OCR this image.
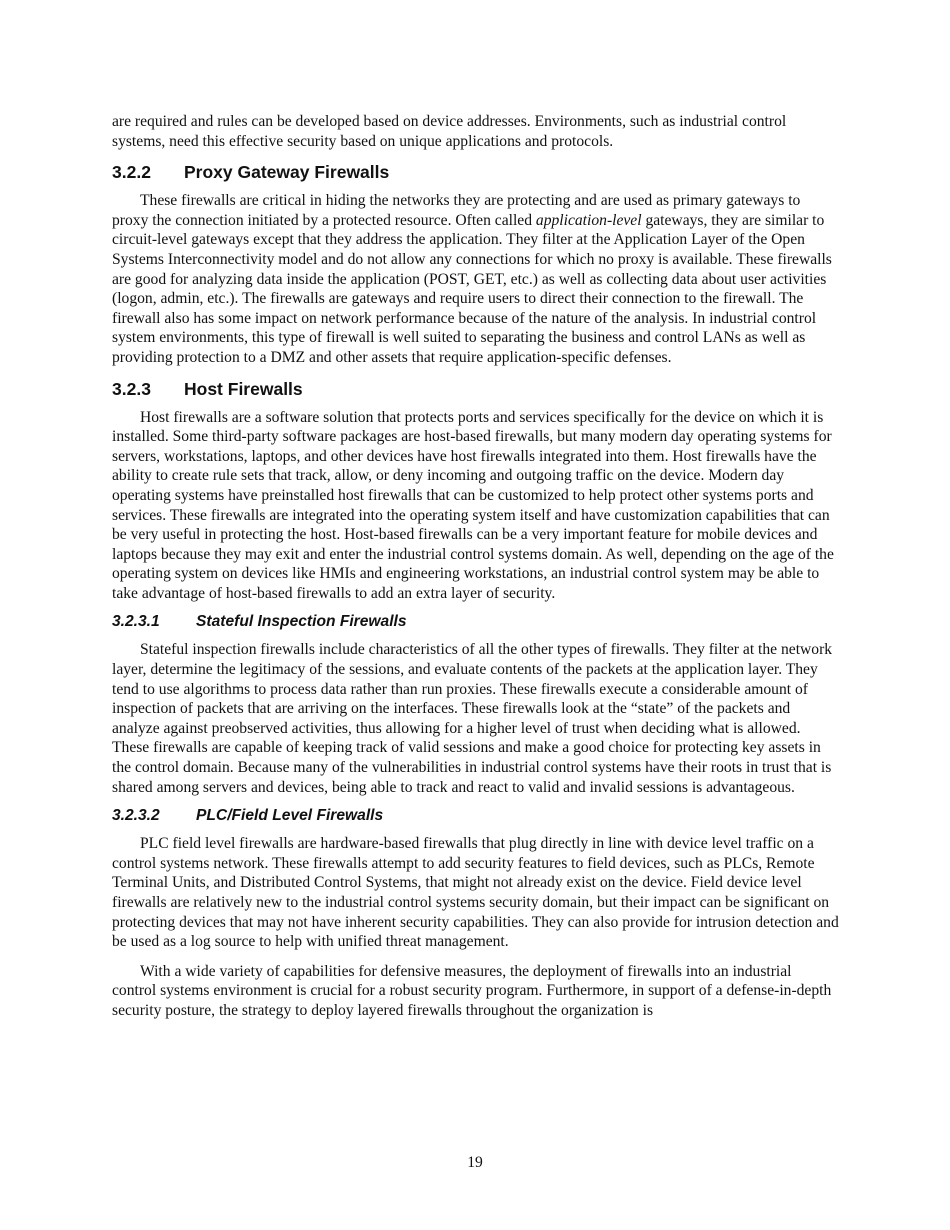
are required and rules can be developed based on device addresses. Environments, such as industrial control systems, need this effective security based on unique applications and protocols.

3.2.2 Proxy Gateway Firewalls

These firewalls are critical in hiding the networks they are protecting and are used as primary gateways to proxy the connection initiated by a protected resource. Often called application-level gateways, they are similar to circuit-level gateways except that they address the application. They filter at the Application Layer of the Open Systems Interconnectivity model and do not allow any connections for which no proxy is available. These firewalls are good for analyzing data inside the application (POST, GET, etc.) as well as collecting data about user activities (logon, admin, etc.). The firewalls are gateways and require users to direct their connection to the firewall. The firewall also has some impact on network performance because of the nature of the analysis. In industrial control system environments, this type of firewall is well suited to separating the business and control LANs as well as providing protection to a DMZ and other assets that require application-specific defenses.

3.2.3 Host Firewalls

Host firewalls are a software solution that protects ports and services specifically for the device on which it is installed. Some third-party software packages are host-based firewalls, but many modern day operating systems for servers, workstations, laptops, and other devices have host firewalls integrated into them. Host firewalls have the ability to create rule sets that track, allow, or deny incoming and outgoing traffic on the device. Modern day operating systems have preinstalled host firewalls that can be customized to help protect other systems ports and services. These firewalls are integrated into the operating system itself and have customization capabilities that can be very useful in protecting the host. Host-based firewalls can be a very important feature for mobile devices and laptops because they may exit and enter the industrial control systems domain. As well, depending on the age of the operating system on devices like HMIs and engineering workstations, an industrial control system may be able to take advantage of host-based firewalls to add an extra layer of security.

3.2.3.1 Stateful Inspection Firewalls

Stateful inspection firewalls include characteristics of all the other types of firewalls. They filter at the network layer, determine the legitimacy of the sessions, and evaluate contents of the packets at the application layer. They tend to use algorithms to process data rather than run proxies. These firewalls execute a considerable amount of inspection of packets that are arriving on the interfaces. These firewalls look at the “state” of the packets and analyze against preobserved activities, thus allowing for a higher level of trust when deciding what is allowed. These firewalls are capable of keeping track of valid sessions and make a good choice for protecting key assets in the control domain. Because many of the vulnerabilities in industrial control systems have their roots in trust that is shared among servers and devices, being able to track and react to valid and invalid sessions is advantageous.

3.2.3.2 PLC/Field Level Firewalls

PLC field level firewalls are hardware-based firewalls that plug directly in line with device level traffic on a control systems network. These firewalls attempt to add security features to field devices, such as PLCs, Remote Terminal Units, and Distributed Control Systems, that might not already exist on the device. Field device level firewalls are relatively new to the industrial control systems security domain, but their impact can be significant on protecting devices that may not have inherent security capabilities. They can also provide for intrusion detection and be used as a log source to help with unified threat management.

With a wide variety of capabilities for defensive measures, the deployment of firewalls into an industrial control systems environment is crucial for a robust security program. Furthermore, in support of a defense-in-depth security posture, the strategy to deploy layered firewalls throughout the organization is

19
